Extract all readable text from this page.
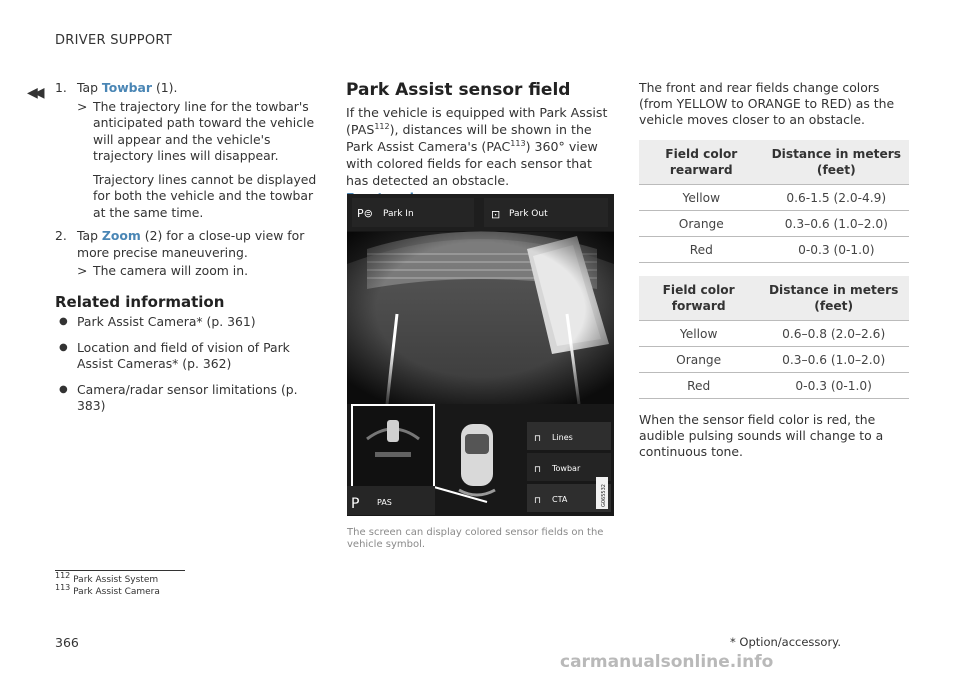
DRIVER SUPPORT
◀◀ 1. Tap Towbar (1).
> The trajectory line for the towbar's anticipated path toward the vehicle will appear and the vehicle's trajectory lines will disappear.

Trajectory lines cannot be displayed for both the vehicle and the towbar at the same time.

2. Tap Zoom (2) for a close-up view for more precise maneuvering.
> The camera will zoom in.

Related information
● Park Assist Camera* (p. 361)
● Location and field of vision of Park Assist Cameras* (p. 362)
● Camera/radar sensor limitations (p. 383)
Park Assist sensor field

If the vehicle is equipped with Park Assist (PAS$^{112}$), distances will be shown in the Park Assist Camera's (PAC$^{113}$) 360° view with colored fields for each sensor that has detected an obstacle.

P⊜	⊡
⊓
⊓
⊓
P
Park In	Park Out
Lines
Towbar
CTA
PAS	G065532
The screen can display colored sensor fields on the vehicle symbol.
The front and rear fields change colors (from YELLOW to ORANGE to RED) as the vehicle moves closer to an obstacle.
Field color rearward	Distance in meters (feet)
Yellow	0.6-1.5 (2.0-4.9)
Orange	0.3–0.6 (1.0–2.0)
Red	0-0.3 (0-1.0)
Field color forward	Distance in meters (feet)
Yellow	0.6–0.8 (2.0–2.6)
Orange	0.3–0.6 (1.0–2.0)
Red	0-0.3 (0-1.0)
When the sensor field color is red, the audible pulsing sounds will change to a continuous tone.
$^{112}$ Park Assist System
$^{113}$ Park Assist Camera
366	* Option/accessory.
carmanualsonline.info
